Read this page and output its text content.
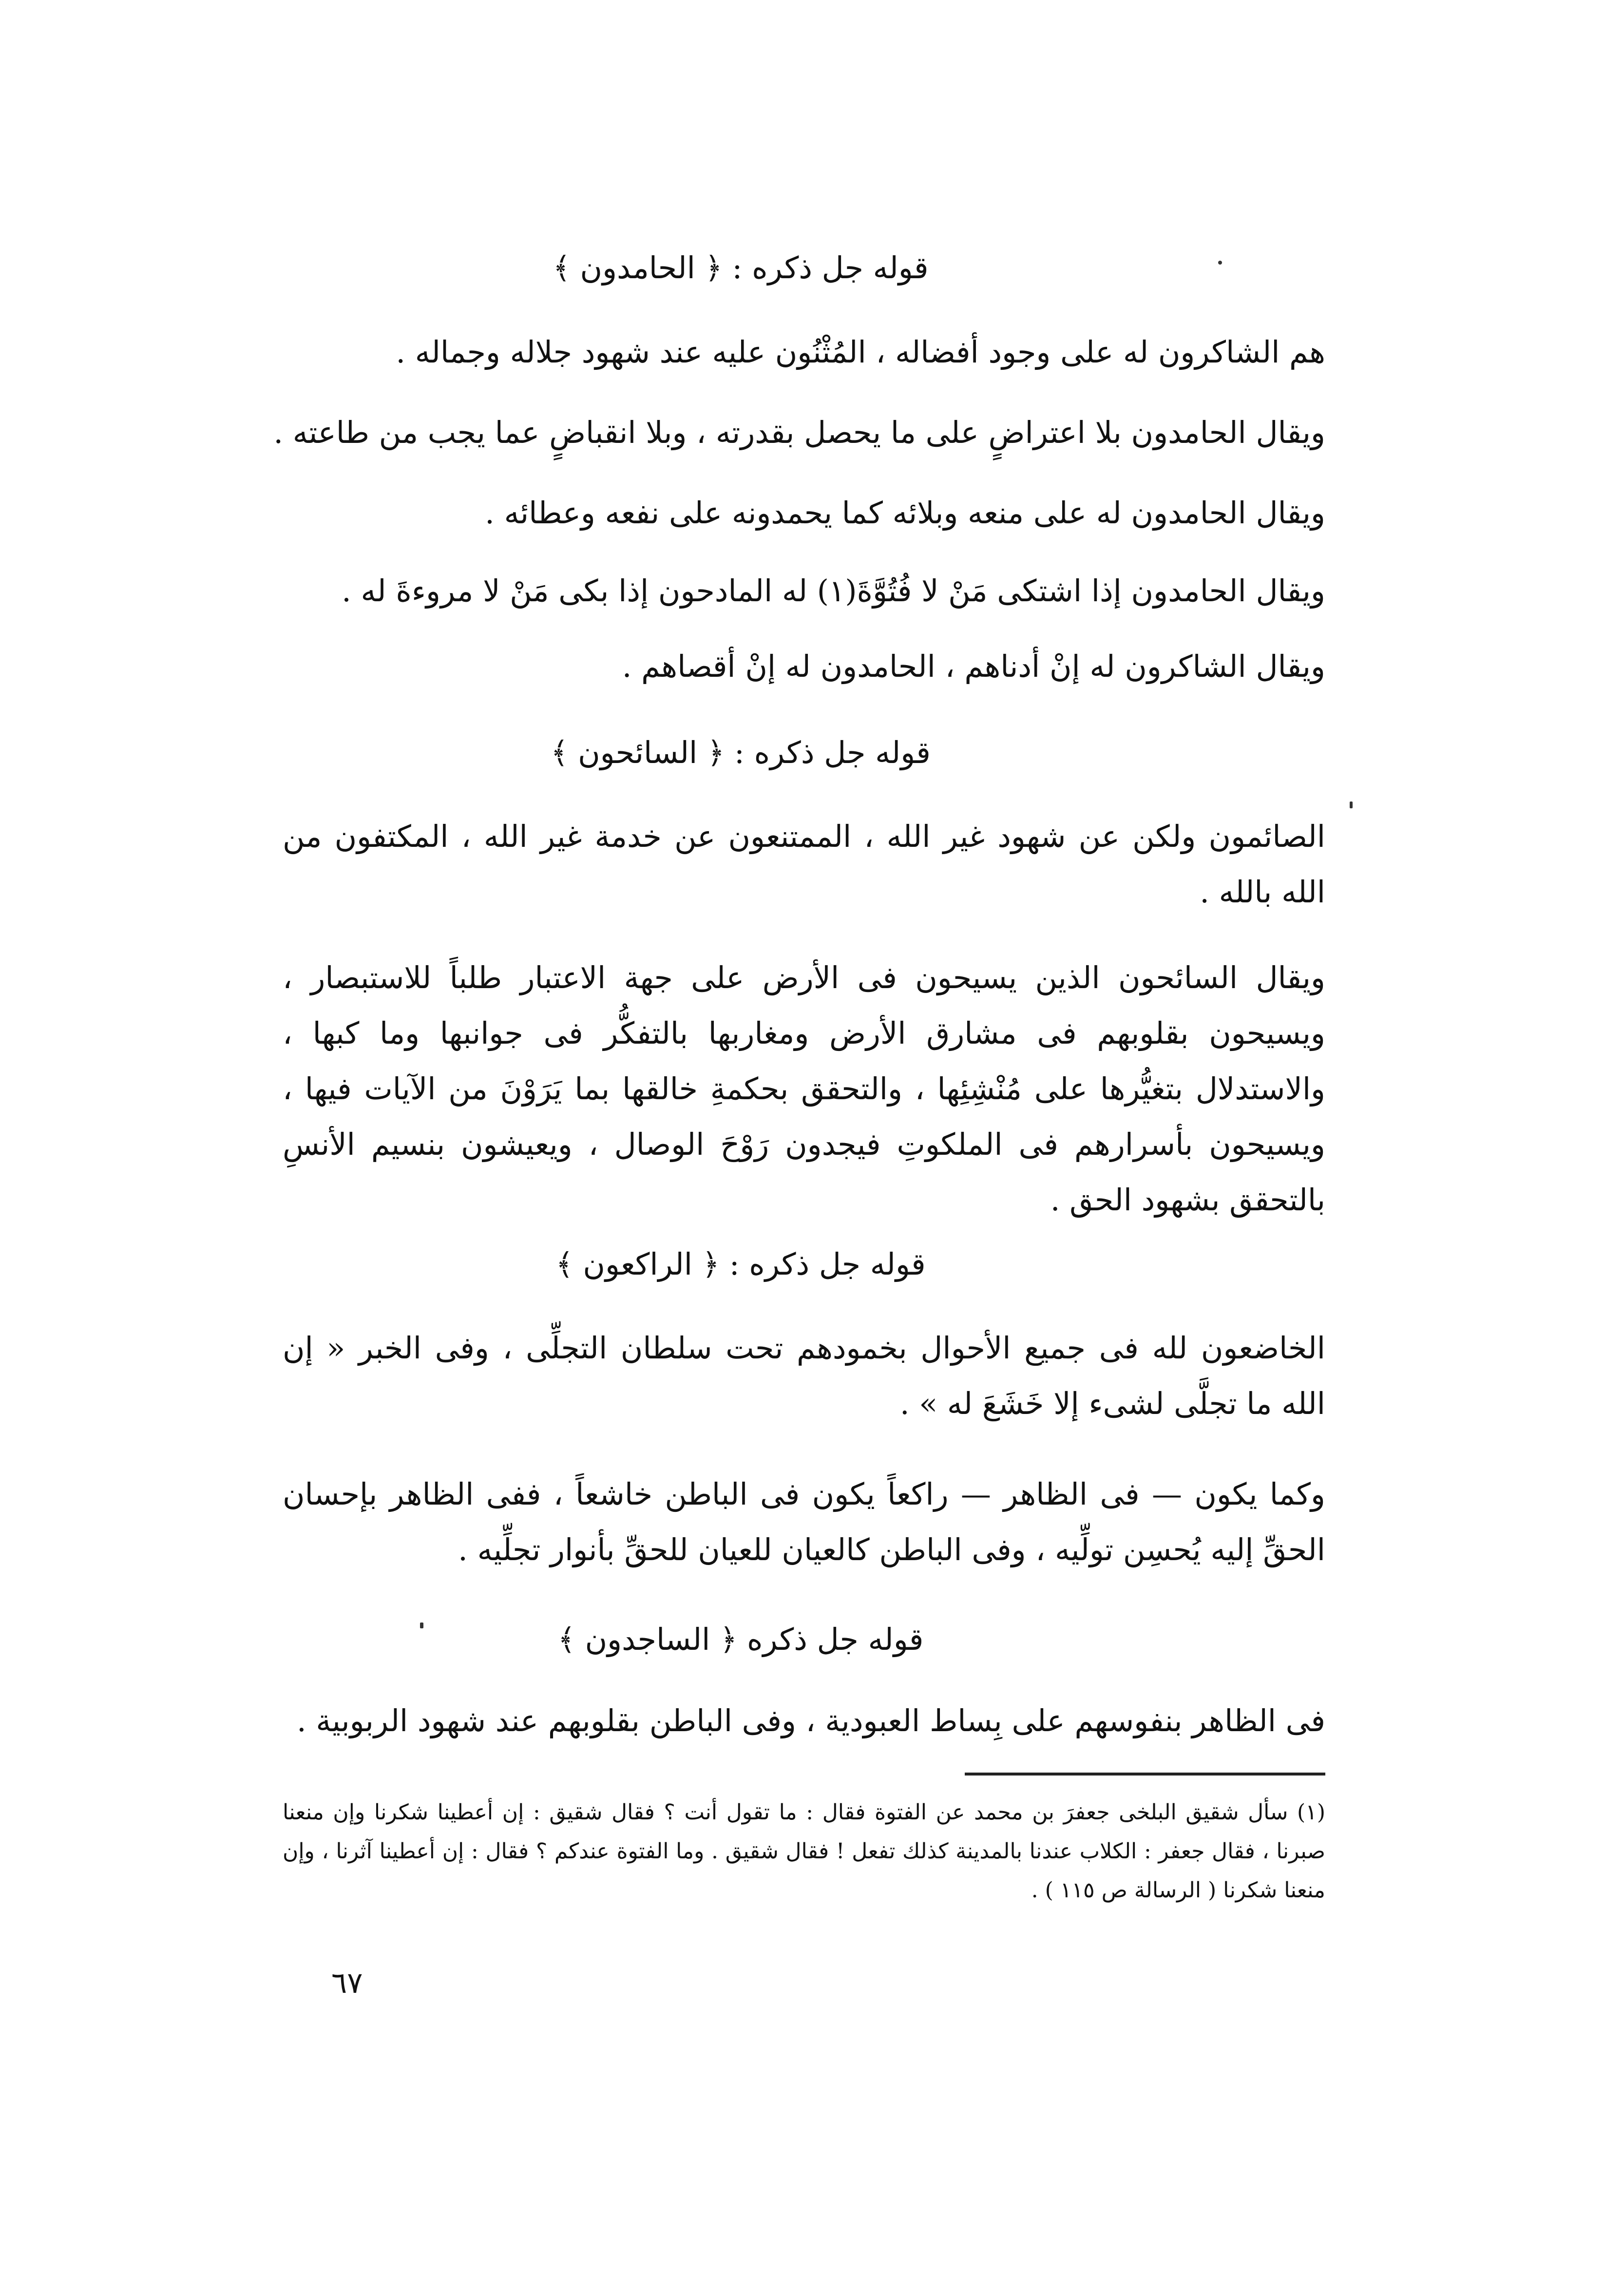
قوله جل ذكره : ﴿ الحامدون ﴾
هم الشاكرون له على وجود أفضاله ، المُثْنُون عليه عند شهود جلاله وجماله .
ويقال الحامدون بلا اعتراضٍ على ما يحصل بقدرته ، وبلا انقباضٍ عما يجب من طاعته .
ويقال الحامدون له على منعه وبلائه كما يحمدونه على نفعه وعطائه .
ويقال الحامدون إذا اشتكى مَنْ لا فُتُوَّةَ(١) له المادحون إذا بكى مَنْ لا مروءةَ له .
ويقال الشاكرون له إنْ أدناهم ، الحامدون له إنْ أقصاهم .
قوله جل ذكره : ﴿ السائحون ﴾
الصائمون ولكن عن شهود غير الله ، الممتنعون عن خدمة غير الله ، المكتفون من الله بالله .
ويقال السائحون الذين يسيحون فى الأرض على جهة الاعتبار طلباً للاستبصار ، ويسيحون بقلوبهم فى مشارق الأرض ومغاربها بالتفكُّر فى جوانبها وما كبها ، والاستدلال بتغيُّرها على مُنْشِئِها ، والتحقق بحكمةِ خالقها بما يَرَوْنَ من الآيات فيها ، ويسيحون بأسرارهم فى الملكوتِ فيجدون رَوْحَ الوصال ، ويعيشون بنسيم الأنسِ بالتحقق بشهود الحق .
قوله جل ذكره : ﴿ الراكعون ﴾
الخاضعون لله فى جميع الأحوال بخمودهم تحت سلطان التجلِّى ، وفى الخبر « إن الله ما تجلَّى لشىء إلا خَشَعَ له » .
وكما يكون — فى الظاهر — راكعاً يكون فى الباطن خاشعاً ، ففى الظاهر بإحسان الحقِّ إليه يُحسِن تولِّيه ، وفى الباطن كالعيان للعيان للحقِّ بأنوار تجلِّيه .
قوله جل ذكره ﴿ الساجدون ﴾
فى الظاهر بنفوسهم على بِساط العبودية ، وفى الباطن بقلوبهم عند شهود الربوبية .
(١) سأل شقيق البلخى جعفرَ بن محمد عن الفتوة فقال : ما تقول أنت ؟ فقال شقيق : إن أعطينا شكرنا وإن منعنا صبرنا ، فقال جعفر : الكلاب عندنا بالمدينة كذلك تفعل ! فقال شقيق . وما الفتوة عندكم ؟ فقال : إن أعطينا آثرنا ، وإن منعنا شكرنا ( الرسالة ص ١١٥ ) .
٦٧
